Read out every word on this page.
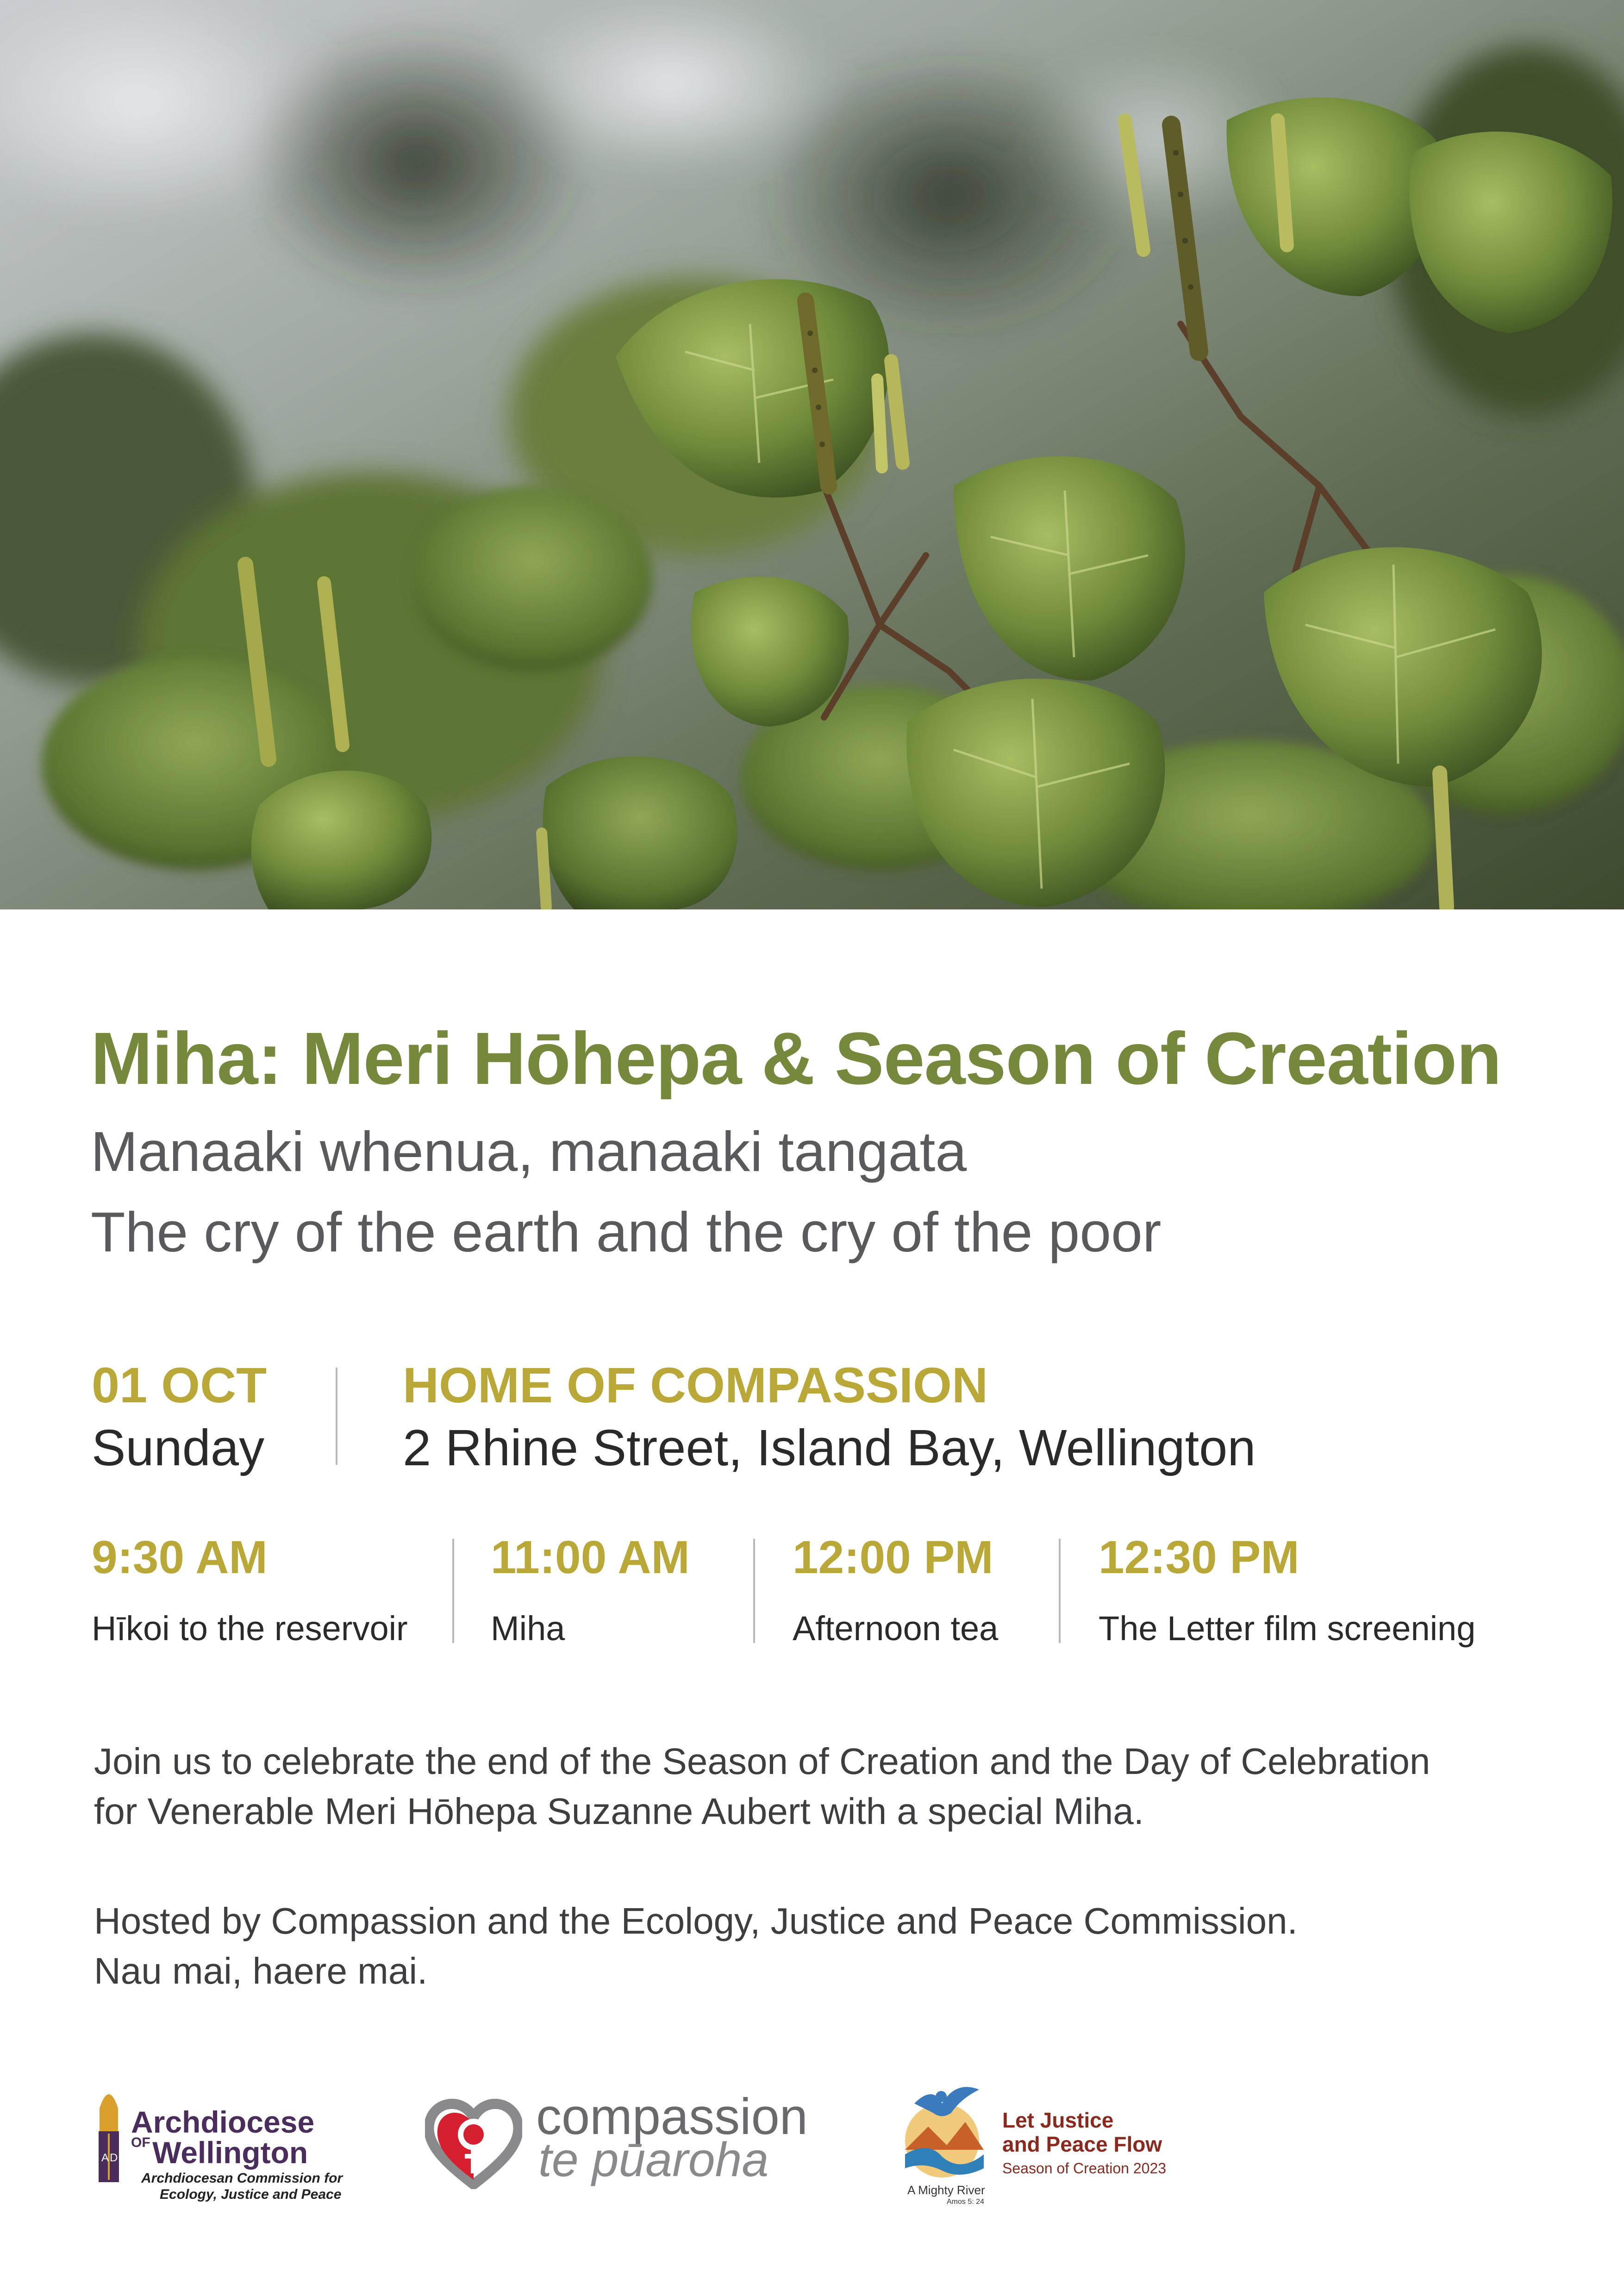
Miha: Meri Hōhepa & Season of Creation
Manaaki whenua, manaaki tangata
The cry of the earth and the cry of the poor
01 OCT
Sunday
HOME OF COMPASSION
2 Rhine Street, Island Bay, Wellington
9:30 AM
Hīkoi to the reservoir
11:00 AM
Miha
12:00 PM
Afternoon tea
12:30 PM
The Letter film screening
Join us to celebrate the end of the Season of Creation and the Day of Celebration
for Venerable Meri Hōhepa Suzanne Aubert with a special Miha.
Hosted by Compassion and the Ecology, Justice and Peace Commission.
Nau mai, haere mai.
A D
Archdiocese
OF Wellington
Archdiocesan Commission for
Ecology, Justice and Peace
compassion
te pūaroha
Let Justice
and Peace Flow
Season of Creation 2023
A Mighty River
Amos 5: 24
